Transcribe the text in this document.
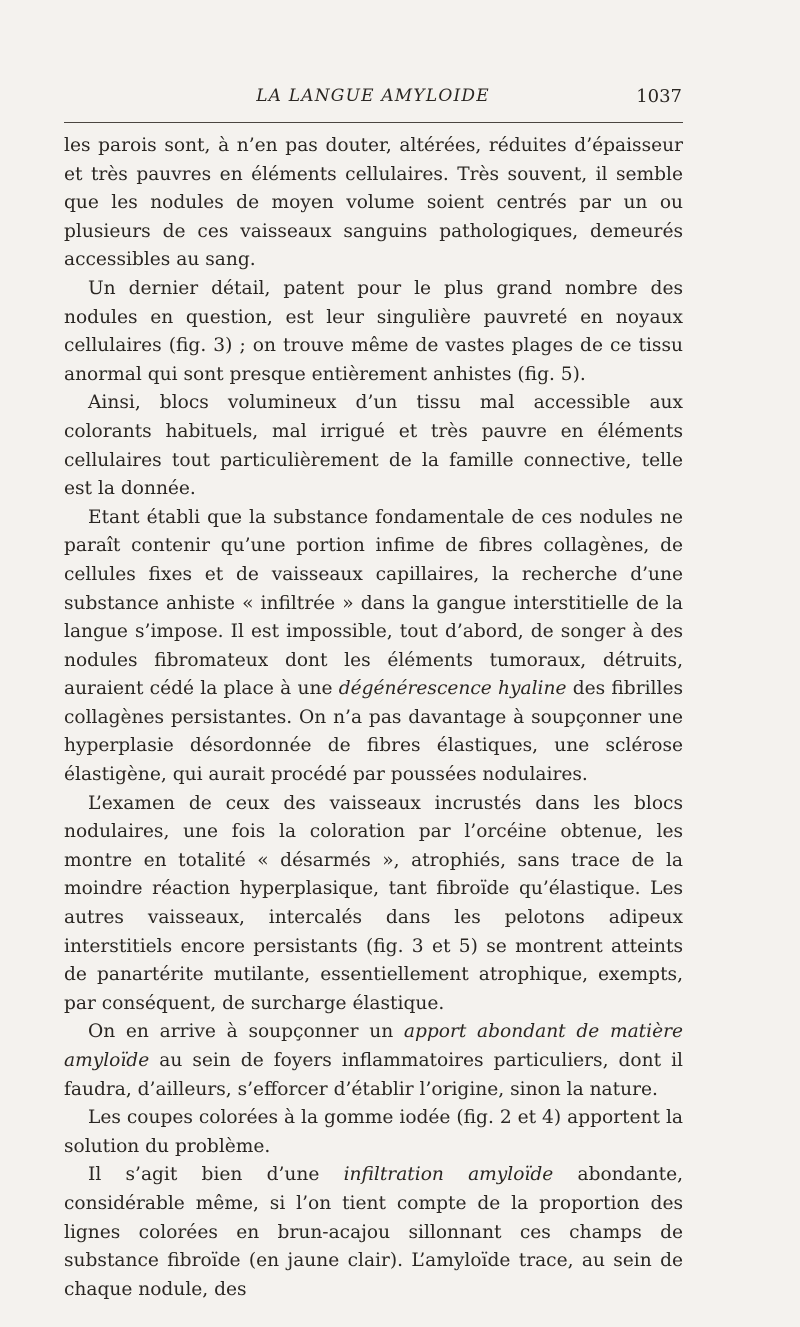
LA LANGUE AMYLOIDE	1037

les parois sont, à n’en pas douter, altérées, réduites d’épaisseur et très pauvres en éléments cellulaires. Très souvent, il semble que les nodules de moyen volume soient centrés par un ou plusieurs de ces vaisseaux sanguins pathologiques, demeurés accessibles au sang.

Un dernier détail, patent pour le plus grand nombre des nodules en question, est leur singulière pauvreté en noyaux cellulaires (fig. 3) ; on trouve même de vastes plages de ce tissu anormal qui sont presque entièrement anhistes (fig. 5).

Ainsi, blocs volumineux d’un tissu mal accessible aux colorants habituels, mal irrigué et très pauvre en éléments cellulaires tout particulièrement de la famille connective, telle est la donnée.

Etant établi que la substance fondamentale de ces nodules ne paraît contenir qu’une portion infime de fibres collagènes, de cellules fixes et de vaisseaux capillaires, la recherche d’une substance anhiste « infiltrée » dans la gangue interstitielle de la langue s’impose. Il est impossible, tout d’abord, de songer à des nodules fibromateux dont les éléments tumoraux, détruits, auraient cédé la place à une dégénérescence hyaline des fibrilles collagènes persistantes. On n’a pas davantage à soupçonner une hyperplasie désordonnée de fibres élastiques, une sclérose élastigène, qui aurait procédé par poussées nodulaires.

L’examen de ceux des vaisseaux incrustés dans les blocs nodulaires, une fois la coloration par l’orcéine obtenue, les montre en totalité « désarmés », atrophiés, sans trace de la moindre réaction hyperplasique, tant fibroïde qu’élastique. Les autres vaisseaux, intercalés dans les pelotons adipeux interstitiels encore persistants (fig. 3 et 5) se montrent atteints de panartérite mutilante, essentiellement atrophique, exempts, par conséquent, de surcharge élastique.

On en arrive à soupçonner un apport abondant de matière amyloïde au sein de foyers inflammatoires particuliers, dont il faudra, d’ailleurs, s’efforcer d’établir l’origine, sinon la nature.

Les coupes colorées à la gomme iodée (fig. 2 et 4) apportent la solution du problème.

Il s’agit bien d’une infiltration amyloïde abondante, considérable même, si l’on tient compte de la proportion des lignes colorées en brun-acajou sillonnant ces champs de substance fibroïde (en jaune clair). L’amyloïde trace, au sein de chaque nodule, des
